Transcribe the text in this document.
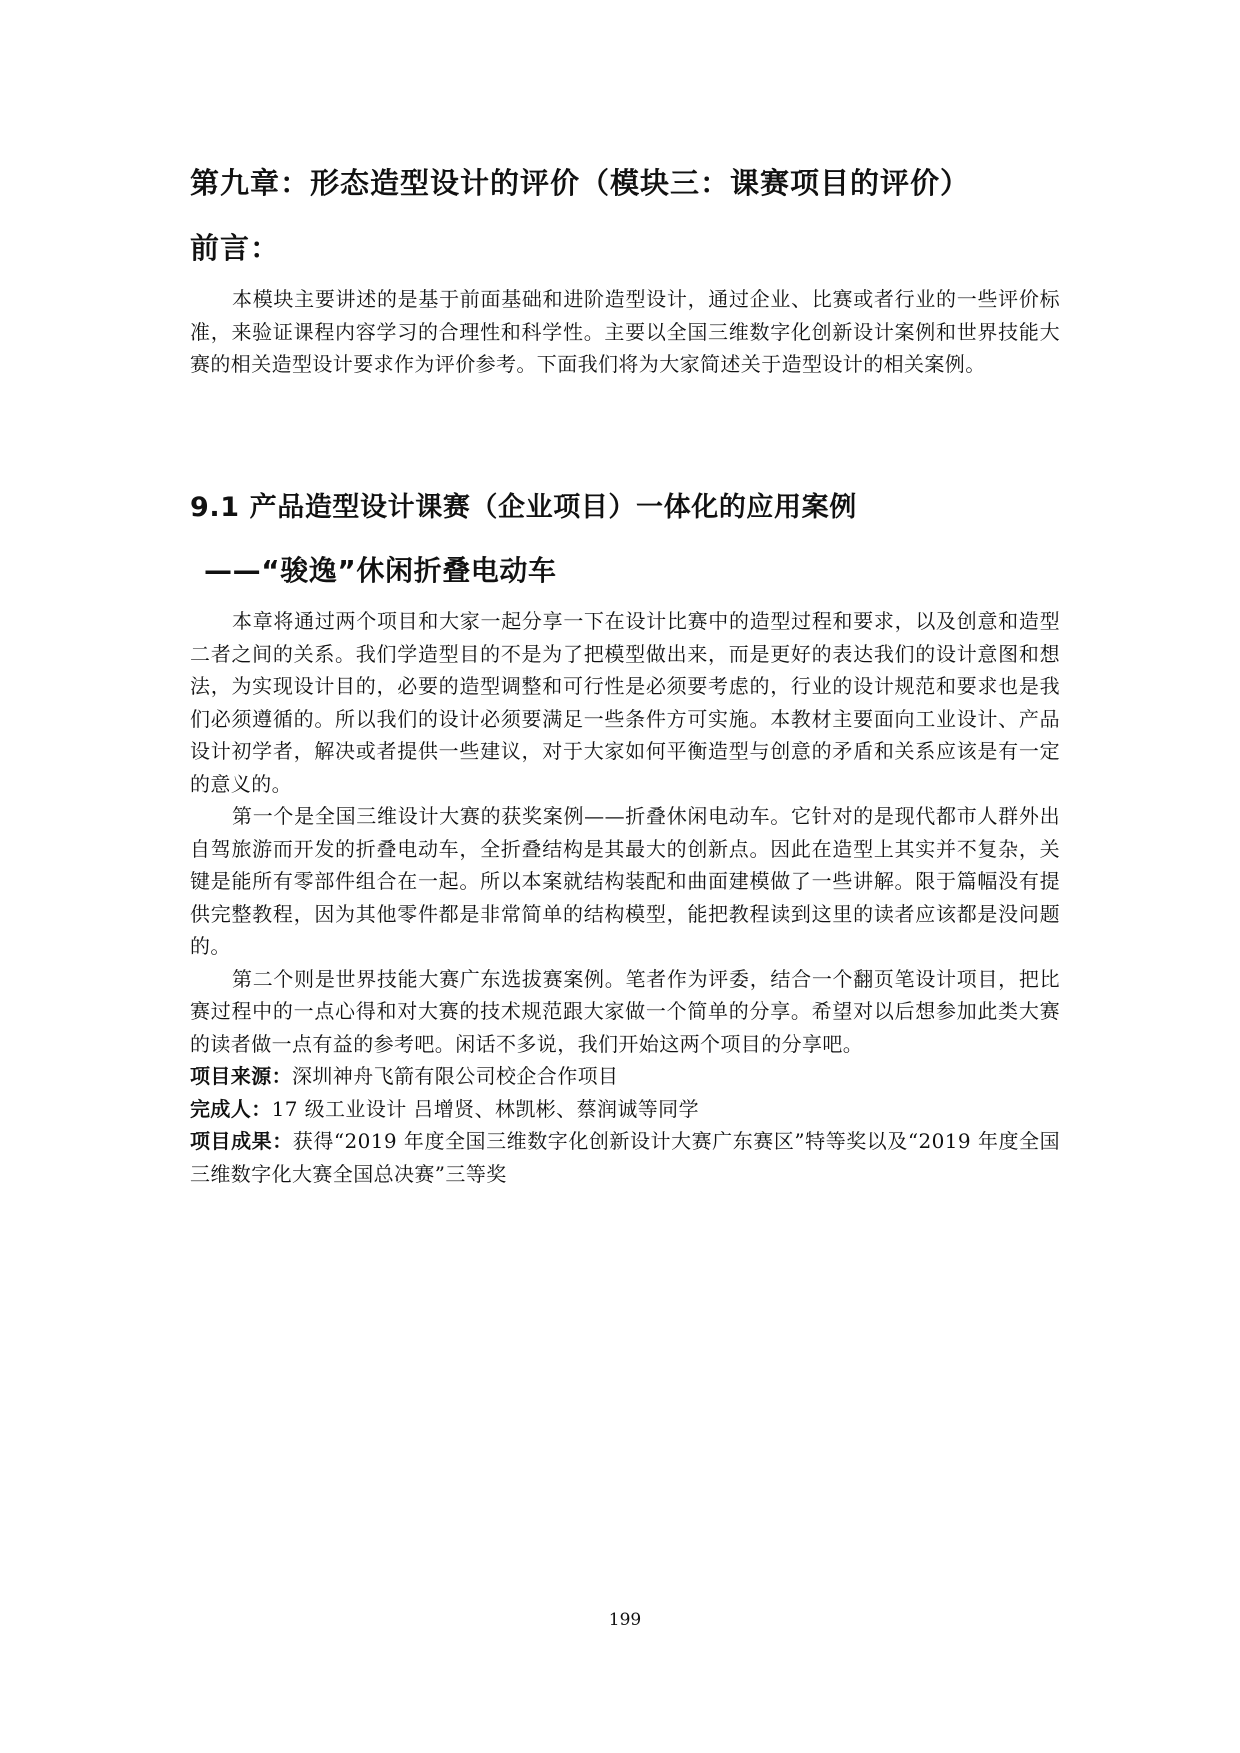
第九章：形态造型设计的评价（模块三：课赛项目的评价）
前言：

本模块主要讲述的是基于前面基础和进阶造型设计，通过企业、比赛或者行业的一些评价标准，来验证课程内容学习的合理性和科学性。主要以全国三维数字化创新设计案例和世界技能大赛的相关造型设计要求作为评价参考。下面我们将为大家简述关于造型设计的相关案例。

9.1 产品造型设计课赛（企业项目）一体化的应用案例
——“骏逸”休闲折叠电动车

本章将通过两个项目和大家一起分享一下在设计比赛中的造型过程和要求，以及创意和造型二者之间的关系。我们学造型目的不是为了把模型做出来，而是更好的表达我们的设计意图和想法，为实现设计目的，必要的造型调整和可行性是必须要考虑的，行业的设计规范和要求也是我们必须遵循的。所以我们的设计必须要满足一些条件方可实施。本教材主要面向工业设计、产品设计初学者，解决或者提供一些建议，对于大家如何平衡造型与创意的矛盾和关系应该是有一定的意义的。

第一个是全国三维设计大赛的获奖案例——折叠休闲电动车。它针对的是现代都市人群外出自驾旅游而开发的折叠电动车，全折叠结构是其最大的创新点。因此在造型上其实并不复杂，关键是能所有零部件组合在一起。所以本案就结构装配和曲面建模做了一些讲解。限于篇幅没有提供完整教程，因为其他零件都是非常简单的结构模型，能把教程读到这里的读者应该都是没问题的。

第二个则是世界技能大赛广东选拔赛案例。笔者作为评委，结合一个翻页笔设计项目，把比赛过程中的一点心得和对大赛的技术规范跟大家做一个简单的分享。希望对以后想参加此类大赛的读者做一点有益的参考吧。闲话不多说，我们开始这两个项目的分享吧。

项目来源：深圳神舟飞箭有限公司校企合作项目

完成人：17 级工业设计 吕增贤、林凯彬、蔡润诚等同学

项目成果：获得“2019 年度全国三维数字化创新设计大赛广东赛区”特等奖以及“2019 年度全国三维数字化大赛全国总决赛”三等奖

199
